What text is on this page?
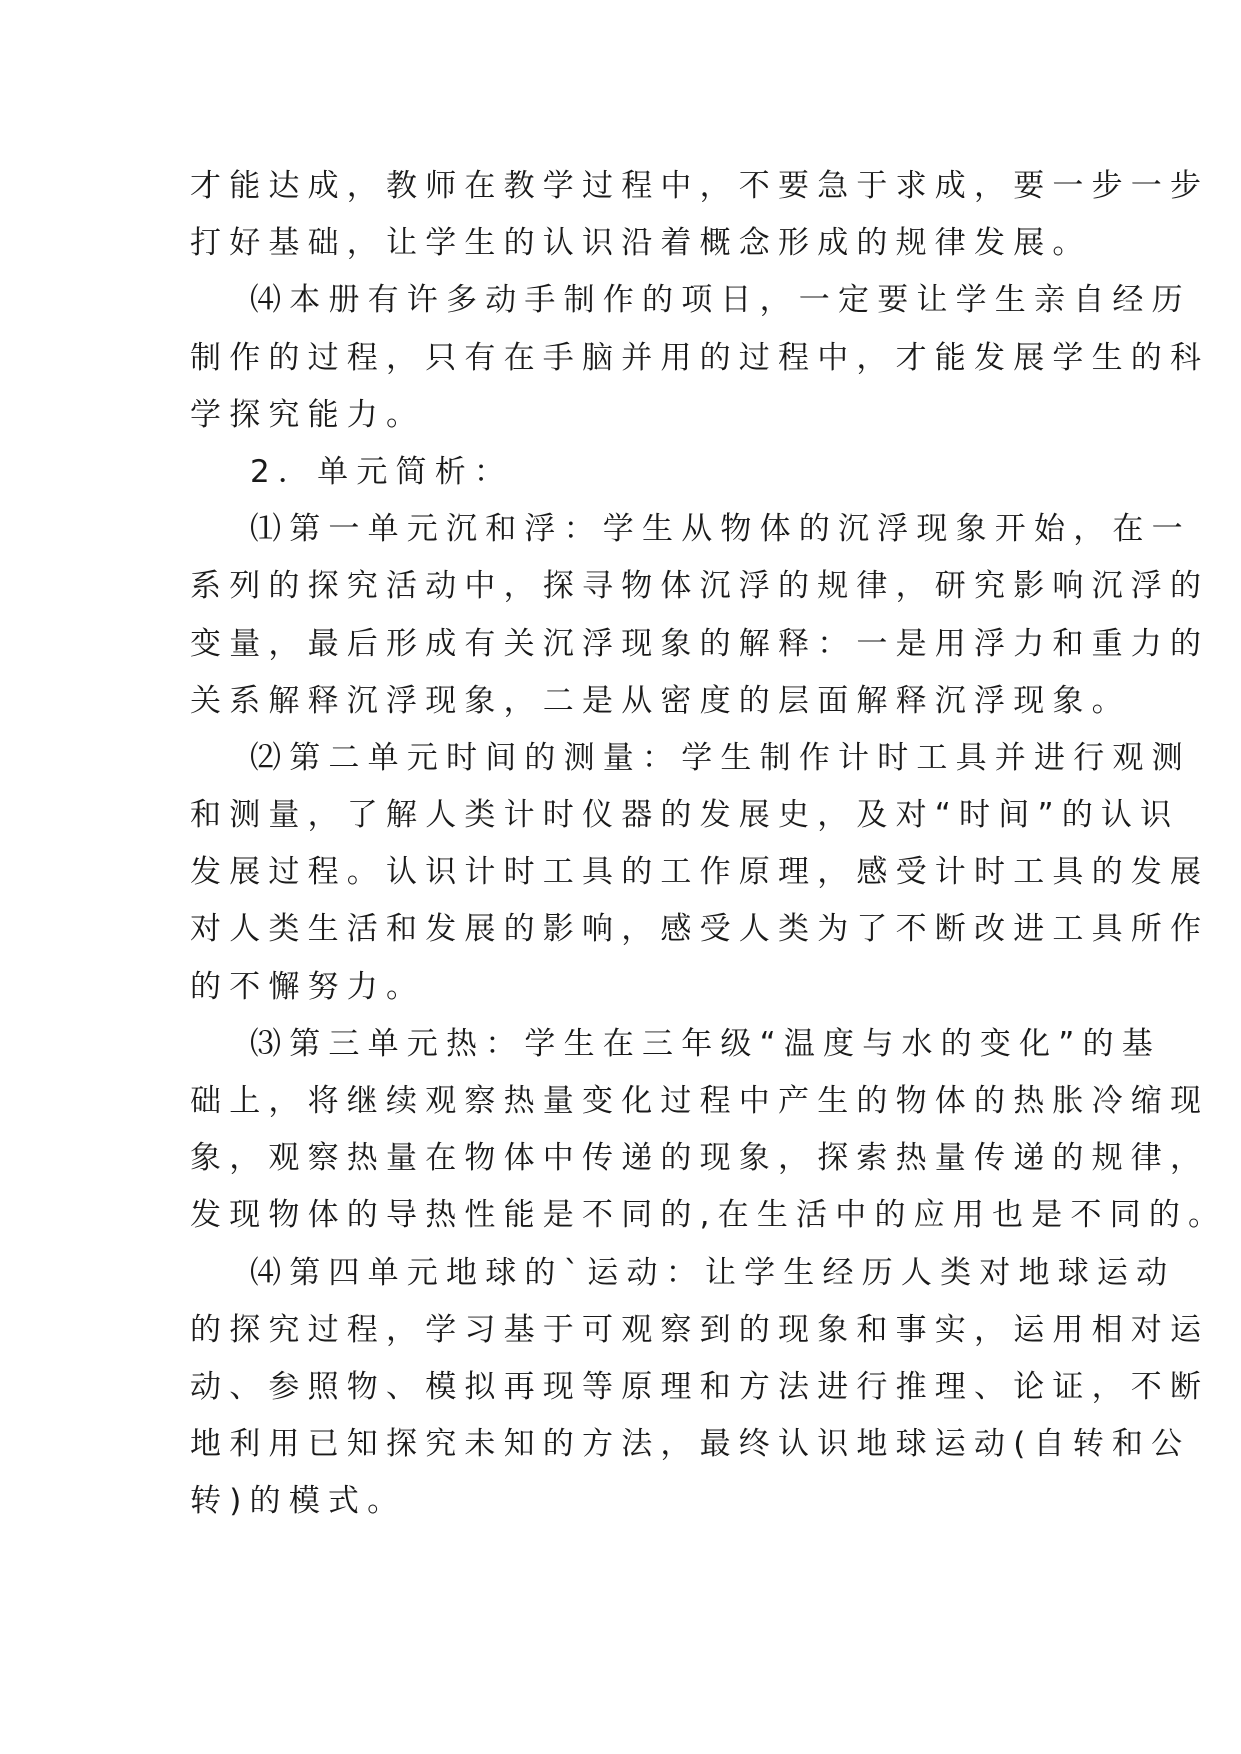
才能达成，教师在教学过程中，不要急于求成，要一步一步
打好基础，让学生的认识沿着概念形成的规律发展。
⑷本册有许多动手制作的项日，一定要让学生亲自经历
制作的过程，只有在手脑并用的过程中，才能发展学生的科
学探究能力。
2．单元简析：
⑴第一单元沉和浮：学生从物体的沉浮现象开始，在一
系列的探究活动中，探寻物体沉浮的规律，研究影响沉浮的
变量，最后形成有关沉浮现象的解释：一是用浮力和重力的
关系解释沉浮现象，二是从密度的层面解释沉浮现象。
⑵第二单元时间的测量：学生制作计时工具并进行观测
和测量，了解人类计时仪器的发展史，及对“时间”的认识
发展过程。认识计时工具的工作原理，感受计时工具的发展
对人类生活和发展的影响，感受人类为了不断改进工具所作
的不懈努力。
⑶第三单元热：学生在三年级“温度与水的变化”的基
础上，将继续观察热量变化过程中产生的物体的热胀冷缩现
象，观察热量在物体中传递的现象，探索热量传递的规律，
发现物体的导热性能是不同的,在生活中的应用也是不同的。
⑷第四单元地球的`运动：让学生经历人类对地球运动
的探究过程，学习基于可观察到的现象和事实，运用相对运
动、参照物、模拟再现等原理和方法进行推理、论证，不断
地利用已知探究未知的方法，最终认识地球运动(自转和公
转)的模式。
